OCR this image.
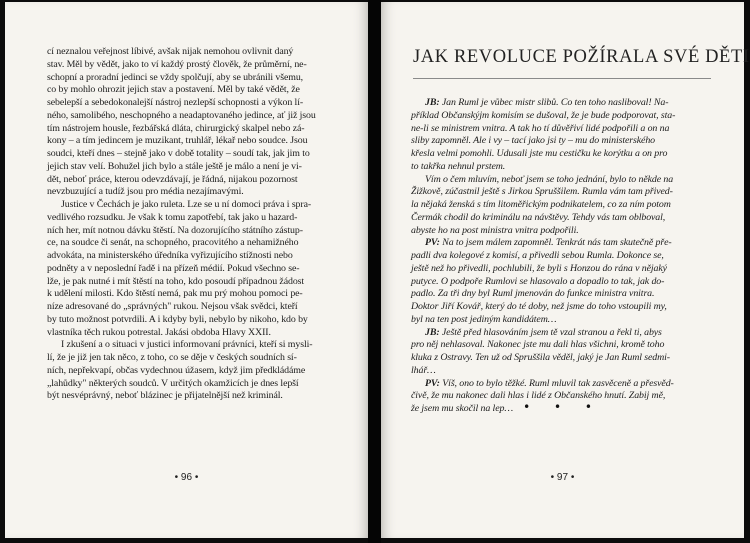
cí neznalou veřejnost líbivé, avšak nijak nemohou ovlivnit daný
stav. Měl by vědět, jako to ví každý prostý člověk, že průměrní, ne-
schopní a proradní jedinci se vždy spolčují, aby se ubránili všemu,
co by mohlo ohrozit jejich stav a postavení. Měl by také vědět, že
sebelepší a sebedokonalejší nástroj nezlepší schopnosti a výkon lí-
ného, samolibého, neschopného a neadaptovaného jedince, ať již jsou
tím nástrojem housle, řezbářská dláta, chirurgický skalpel nebo zá-
kony – a tím jedincem je muzikant, truhlář, lékař nebo soudce. Jsou
soudci, kteří dnes – stejně jako v době totality – soudí tak, jak jim to
jejich stav velí. Bohužel jich bylo a stále ještě je málo a není je vi-
dět, neboť práce, kterou odevzdávají, je řádná, nijakou pozornost
nevzbuzující a tudíž jsou pro média nezajímavými.
Justice v Čechách je jako ruleta. Lze se u ní domoci práva i spra-
vedlivého rozsudku. Je však k tomu zapotřebí, tak jako u hazard-
ních her, mít notnou dávku štěstí. Na dozorujícího státního zástup-
ce, na soudce či senát, na schopného, pracovitého a nehamižného
advokáta, na ministerského úředníka vyřizujícího stížnosti nebo
podněty a v neposlední řadě i na přízeň médií. Pokud všechno se-
lže, je pak nutné i mít štěstí na toho, kdo posoudí případnou žádost
k udělení milosti. Kdo štěstí nemá, pak mu prý mohou pomoci pe-
níze adresované do „správných" rukou. Nejsou však svědci, kteří
by tuto možnost potvrdili. A i kdyby byli, nebylo by nikoho, kdo by
vlastníka těch rukou potrestal. Jakási obdoba Hlavy XXII.
I zkušení a o situaci v justici informovaní právníci, kteří si mysli-
lí, že je již jen tak něco, z toho, co se děje v českých soudních sí-
ních, nepřekvapí, občas vydechnou úžasem, když jim předkládáme
„lahůdky" některých soudců. V určitých okamžicích je dnes lepší
být nesvéprávný, neboť blázinec je přijatelnější než kriminál.
• 96 •
JAK REVOLUCE POŽÍRALA SVÉ DĚTI
JB: Jan Ruml je vůbec mistr slibů. Co ten toho nasliboval! Na-
příklad Občanskýjm komisím se dušoval, že je bude podporovat, sta-
ne-li se ministrem vnitra. A tak ho tí důvěřiví lidé podpořili a on na
sliby zapomněl. Ale i vy – tací jako jsi ty – mu do ministerského
křesla velmi pomohli. Udusali jste mu cestičku ke korýtku a on pro
to takřka nehnul prstem.
Vím o čem mluvím, neboť jsem se toho jednání, bylo to někde na
Žižkově, zúčastnil ještě s Jirkou Spruššilem. Rumla vám tam přived-
la nějaká ženská s tím litoměřickým podnikatelem, co za ním potom
Čermák chodil do kriminálu na návštěvy. Tehdy vás tam oblboval,
abyste ho na post ministra vnitra podpořili.
PV: Na to jsem málem zapomněl. Tenkrát nás tam skutečně pře-
padli dva kolegové z komisí, a přivedli sebou Rumla. Dokonce se,
ještě než ho přivedli, pochlubili, že byli s Honzou do rána v nějaký
putyce. O podpoře Rumlovi se hlasovalo a dopadlo to tak, jak do-
padlo. Za tři dny byl Ruml jmenován do funkce ministra vnitra.
Doktor Jiří Kovář, který do té doby, než jsme do toho vstoupili my,
byl na ten post jediným kandidátem…
JB: Ještě před hlasováním jsem tě vzal stranou a řekl ti, abys
pro něj nehlasoval. Nakonec jste mu dali hlas všichni, kromě toho
kluka z Ostravy. Ten už od Spruššila věděl, jaký je Jan Ruml sedmi-
lhář…
PV: Víš, ono to bylo těžké. Ruml mluvil tak zasvěceně a přesvěd-
čivě, že mu nakonec dali hlas i lidé z Občanského hnutí. Zabij mě,
že jsem mu skočil na lep… • • •
• 97 •
